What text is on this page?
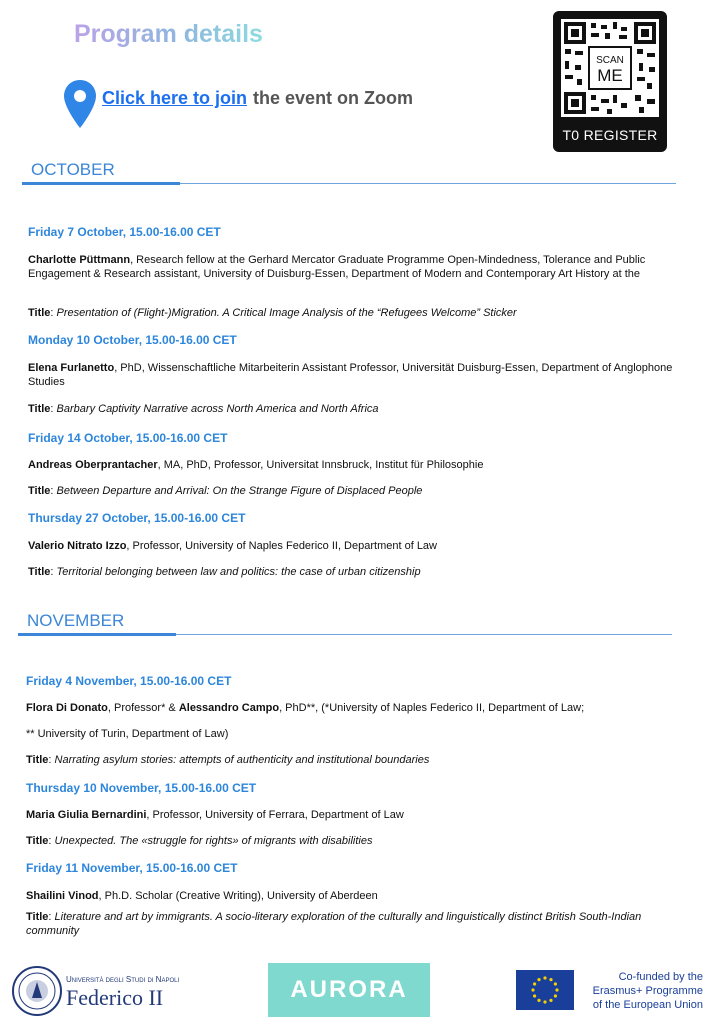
Program details
Click here to join the event on Zoom
SCAN
ME
T0 REGISTER
OCTOBER
Friday 7 October, 15.00-16.00 CET
Charlotte Püttmann, Research fellow at the Gerhard Mercator Graduate Programme Open-Mindedness, Tolerance and Public Engagement & Research assistant, University of Duisburg-Essen, Department of Modern and Contemporary Art History at the
Title: Presentation of (Flight-)Migration. A Critical Image Analysis of the “Refugees Welcome” Sticker
Monday 10 October, 15.00-16.00 CET
Elena Furlanetto, PhD, Wissenschaftliche Mitarbeiterin Assistant Professor, Universität Duisburg-Essen, Department of Anglophone Studies
Title: Barbary Captivity Narrative across North America and North Africa
Friday 14 October, 15.00-16.00 CET
Andreas Oberprantacher, MA, PhD, Professor, Universitat Innsbruck, Institut für Philosophie
Title: Between Departure and Arrival: On the Strange Figure of Displaced People
Thursday 27 October, 15.00-16.00 CET
Valerio Nitrato Izzo, Professor, University of Naples Federico II, Department of Law
Title: Territorial belonging between law and politics: the case of urban citizenship
NOVEMBER
Friday 4 November, 15.00-16.00 CET
Flora Di Donato, Professor* & Alessandro Campo, PhD**, (*University of Naples Federico II, Department of Law;
** University of Turin, Department of Law)
Title: Narrating asylum stories: attempts of authenticity and institutional boundaries
Thursday 10 November, 15.00-16.00 CET
Maria Giulia Bernardini, Professor, University of Ferrara, Department of Law
Title: Unexpected. The «struggle for rights» of migrants with disabilities
Friday 11 November, 15.00-16.00 CET
Shailini Vinod, Ph.D. Scholar (Creative Writing), University of Aberdeen
Title: Literature and art by immigrants. A socio-literary exploration of the culturally and linguistically distinct British South-Indian community
Università degli Studi di Napoli
Federico II	AURORA	Co-funded by the
Erasmus+ Programme
of the European Union
